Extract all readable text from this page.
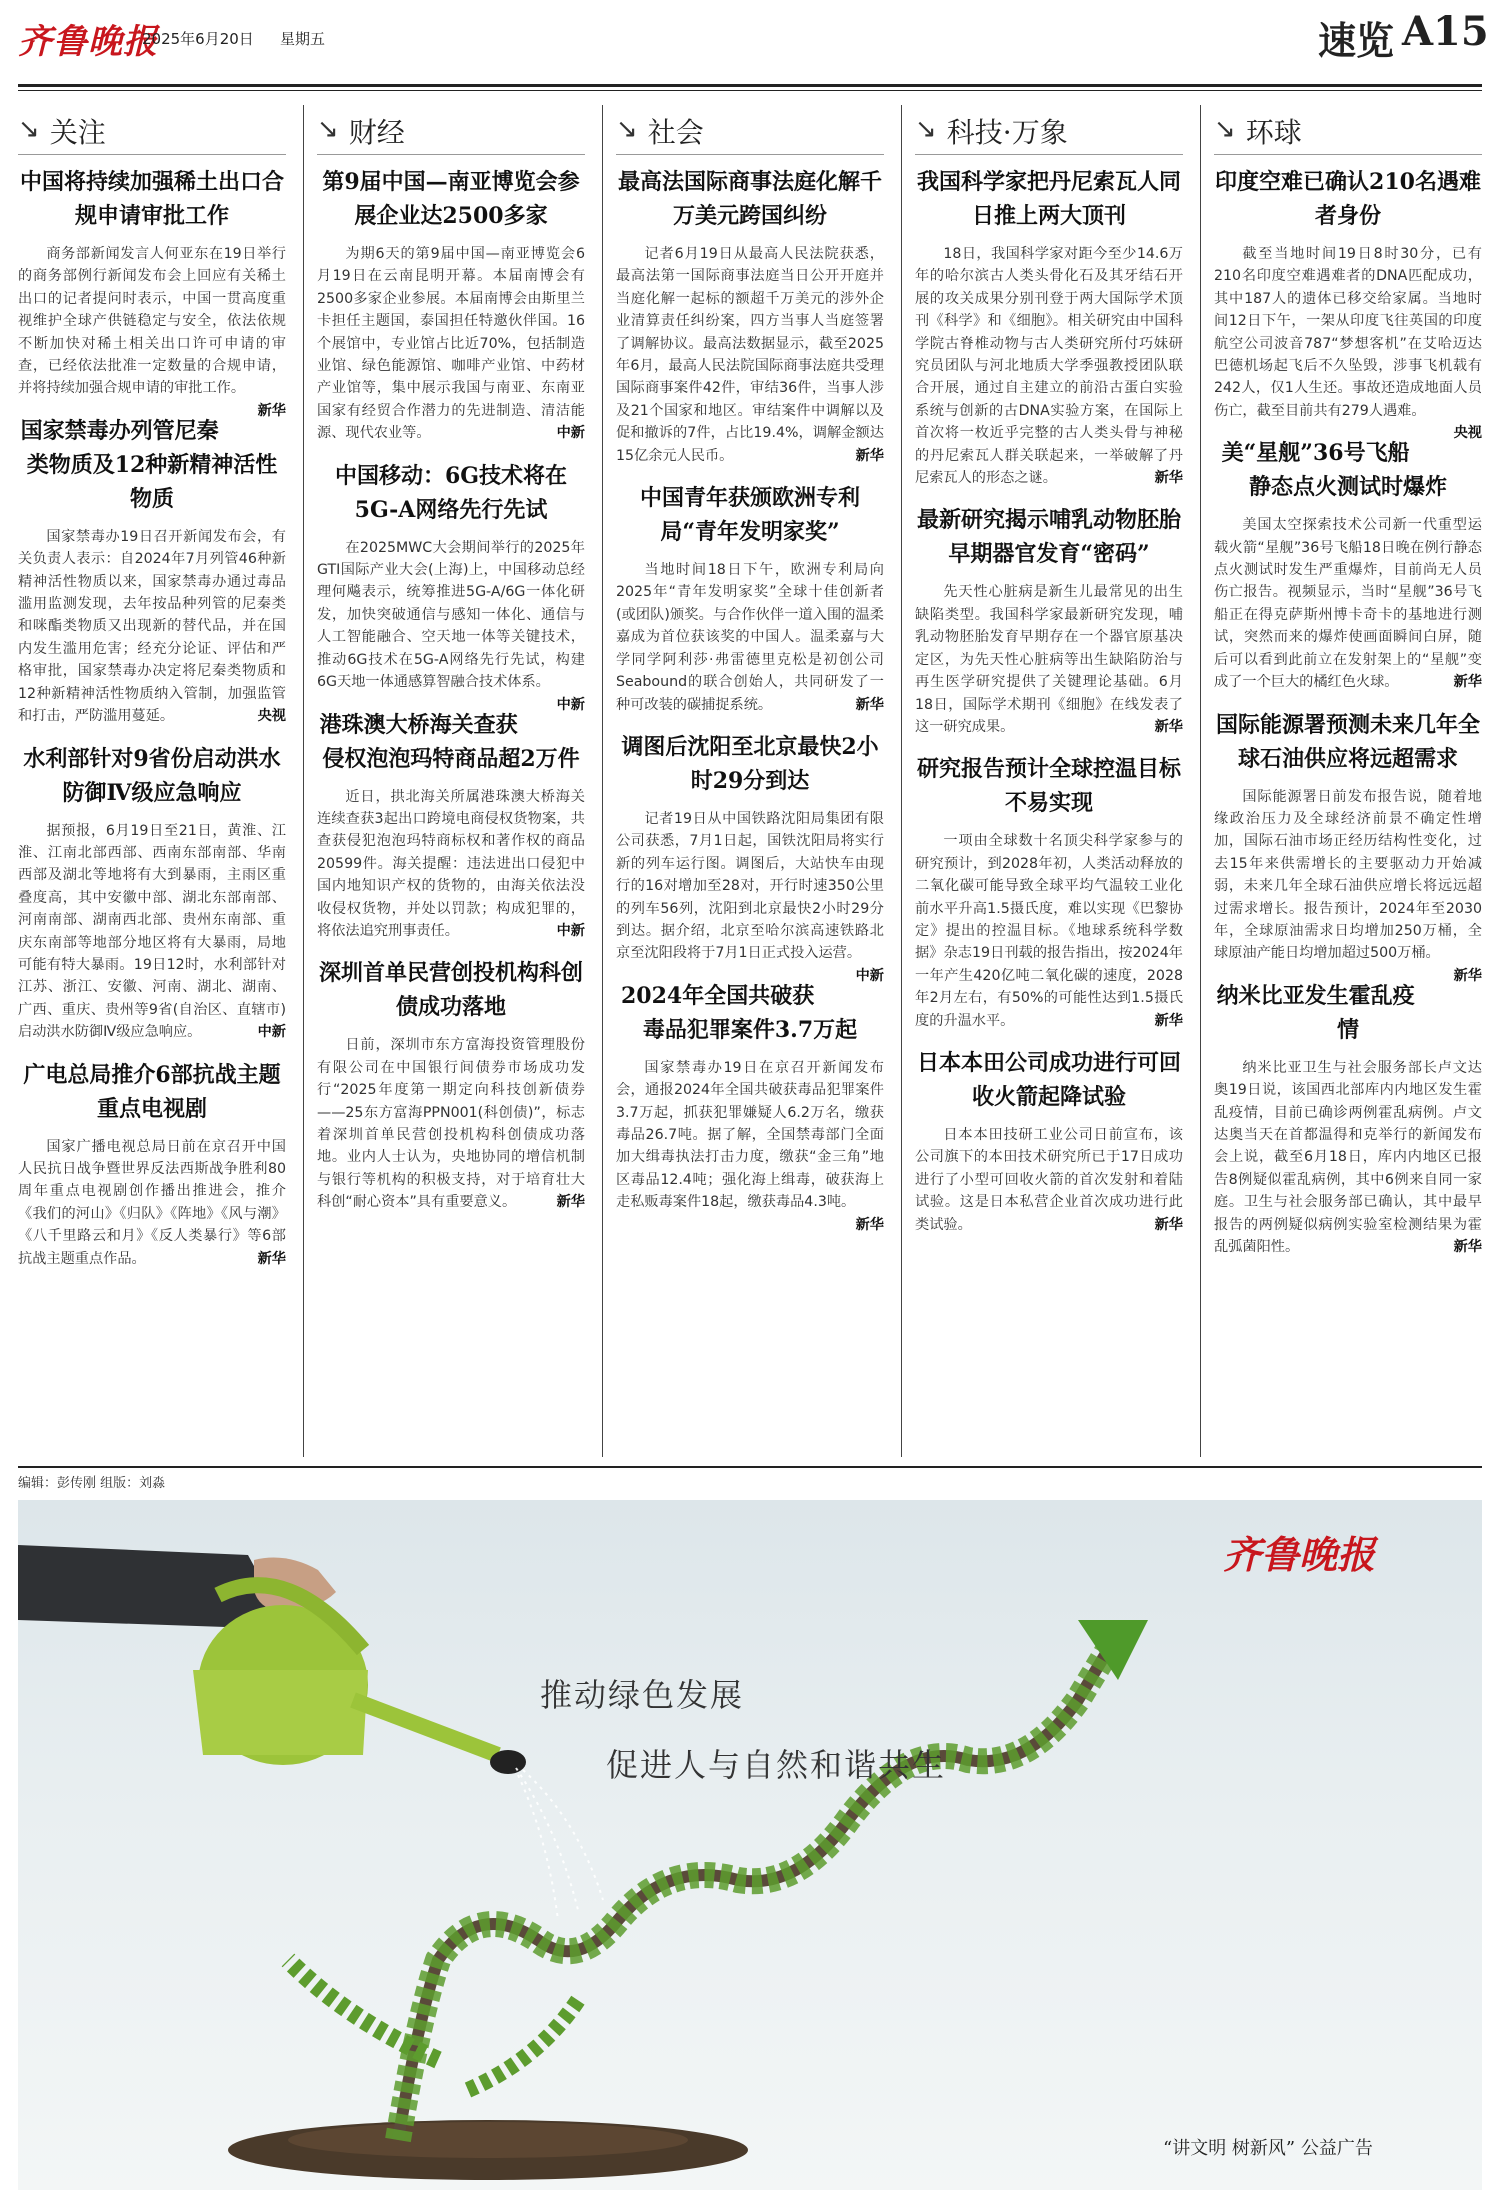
齐鲁晚报
2025年6月20日 星期五	速览 A15
↘ 关注
中国将持续加强稀土出口合规申请审批工作

商务部新闻发言人何亚东在19日举行的商务部例行新闻发布会上回应有关稀土出口的记者提问时表示，中国一贯高度重视维护全球产供链稳定与安全，依法依规不断加快对稀土相关出口许可申请的审查，已经依法批准一定数量的合规申请，并将持续加强合规申请的审批工作。
新华

国家禁毒办列管尼秦类物质及12种新精神活性物质

国家禁毒办19日召开新闻发布会，有关负责人表示：自2024年7月列管46种新精神活性物质以来，国家禁毒办通过毒品滥用监测发现，去年按品种列管的尼秦类和咪酯类物质又出现新的替代品，并在国内发生滥用危害；经充分论证、评估和严格审批，国家禁毒办决定将尼秦类物质和12种新精神活性物质纳入管制，加强监管和打击，严防滥用蔓延。	央视

水利部针对9省份启动洪水防御Ⅳ级应急响应

据预报，6月19日至21日，黄淮、江淮、江南北部西部、西南东部南部、华南西部及湖北等地将有大到暴雨，主雨区重叠度高，其中安徽中部、湖北东部南部、河南南部、湖南西北部、贵州东南部、重庆东南部等地部分地区将有大暴雨，局地可能有特大暴雨。19日12时，水利部针对江苏、浙江、安徽、河南、湖北、湖南、广西、重庆、贵州等9省(自治区、直辖市)启动洪水防御Ⅳ级应急响应。	中新

广电总局推介6部抗战主题重点电视剧

国家广播电视总局日前在京召开中国人民抗日战争暨世界反法西斯战争胜利80周年重点电视剧创作播出推进会，推介《我们的河山》《归队》《阵地》《风与潮》《八千里路云和月》《反人类暴行》等6部抗战主题重点作品。	新华

↘ 财经
第9届中国—南亚博览会参展企业达2500多家

为期6天的第9届中国—南亚博览会6月19日在云南昆明开幕。本届南博会有2500多家企业参展。本届南博会由斯里兰卡担任主题国，泰国担任特邀伙伴国。16个展馆中，专业馆占比近70%，包括制造业馆、绿色能源馆、咖啡产业馆、中药材产业馆等，集中展示我国与南亚、东南亚国家有经贸合作潜力的先进制造、清洁能源、现代农业等。	中新

中国移动：6G技术将在5G-A网络先行先试

在2025MWC大会期间举行的2025年GTI国际产业大会(上海)上，中国移动总经理何飚表示，统筹推进5G-A/6G一体化研发，加快突破通信与感知一体化、通信与人工智能融合、空天地一体等关键技术，推动6G技术在5G-A网络先行先试，构建6G天地一体通感算智融合技术体系。
中新

港珠澳大桥海关查获侵权泡泡玛特商品超2万件

近日，拱北海关所属港珠澳大桥海关连续查获3起出口跨境电商侵权货物案，共查获侵犯泡泡玛特商标权和著作权的商品20599件。海关提醒：违法进出口侵犯中国内地知识产权的货物的，由海关依法没收侵权货物，并处以罚款；构成犯罪的，将依法追究刑事责任。	中新

深圳首单民营创投机构科创债成功落地

日前，深圳市东方富海投资管理股份有限公司在中国银行间债券市场成功发行“2025年度第一期定向科技创新债券——25东方富海PPN001(科创债)”，标志着深圳首单民营创投机构科创债成功落地。业内人士认为，央地协同的增信机制与银行等机构的积极支持，对于培育壮大科创“耐心资本”具有重要意义。	新华

↘ 社会
最高法国际商事法庭化解千万美元跨国纠纷

记者6月19日从最高人民法院获悉，最高法第一国际商事法庭当日公开开庭并当庭化解一起标的额超千万美元的涉外企业清算责任纠纷案，四方当事人当庭签署了调解协议。最高法数据显示，截至2025年6月，最高人民法院国际商事法庭共受理国际商事案件42件，审结36件，当事人涉及21个国家和地区。审结案件中调解以及促和撤诉的7件，占比19.4%，调解金额达15亿余元人民币。	新华

中国青年获颁欧洲专利局“青年发明家奖”

当地时间18日下午，欧洲专利局向2025年“青年发明家奖”全球十佳创新者(或团队)颁奖。与合作伙伴一道入围的温柔嘉成为首位获该奖的中国人。温柔嘉与大学同学阿利莎·弗雷德里克松是初创公司Seabound的联合创始人，共同研发了一种可改装的碳捕捉系统。	新华

调图后沈阳至北京最快2小时29分到达

记者19日从中国铁路沈阳局集团有限公司获悉，7月1日起，国铁沈阳局将实行新的列车运行图。调图后，大站快车由现行的16对增加至28对，开行时速350公里的列车56列，沈阳到北京最快2小时29分到达。据介绍，北京至哈尔滨高速铁路北京至沈阳段将于7月1日正式投入运营。
中新

2024年全国共破获毒品犯罪案件3.7万起

国家禁毒办19日在京召开新闻发布会，通报2024年全国共破获毒品犯罪案件3.7万起，抓获犯罪嫌疑人6.2万名，缴获毒品26.7吨。据了解，全国禁毒部门全面加大缉毒执法打击力度，缴获“金三角”地区毒品12.4吨；强化海上缉毒，破获海上走私贩毒案件18起，缴获毒品4.3吨。
新华

↘ 科技·万象
我国科学家把丹尼索瓦人同日推上两大顶刊

18日，我国科学家对距今至少14.6万年的哈尔滨古人类头骨化石及其牙结石开展的攻关成果分别刊登于两大国际学术顶刊《科学》和《细胞》。相关研究由中国科学院古脊椎动物与古人类研究所付巧妹研究员团队与河北地质大学季强教授团队联合开展，通过自主建立的前沿古蛋白实验系统与创新的古DNA实验方案，在国际上首次将一枚近乎完整的古人类头骨与神秘的丹尼索瓦人群关联起来，一举破解了丹尼索瓦人的形态之谜。	新华

最新研究揭示哺乳动物胚胎早期器官发育“密码”

先天性心脏病是新生儿最常见的出生缺陷类型。我国科学家最新研究发现，哺乳动物胚胎发育早期存在一个器官原基决定区，为先天性心脏病等出生缺陷防治与再生医学研究提供了关键理论基础。6月18日，国际学术期刊《细胞》在线发表了这一研究成果。	新华

研究报告预计全球控温目标不易实现

一项由全球数十名顶尖科学家参与的研究预计，到2028年初，人类活动释放的二氧化碳可能导致全球平均气温较工业化前水平升高1.5摄氏度，难以实现《巴黎协定》提出的控温目标。《地球系统科学数据》杂志19日刊载的报告指出，按2024年一年产生420亿吨二氧化碳的速度，2028年2月左右，有50%的可能性达到1.5摄氏度的升温水平。	新华

日本本田公司成功进行可回收火箭起降试验

日本本田技研工业公司日前宣布，该公司旗下的本田技术研究所已于17日成功进行了小型可回收火箭的首次发射和着陆试验。这是日本私营企业首次成功进行此类试验。	新华

↘ 环球
印度空难已确认210名遇难者身份

截至当地时间19日8时30分，已有210名印度空难遇难者的DNA匹配成功，其中187人的遗体已移交给家属。当地时间12日下午，一架从印度飞往英国的印度航空公司波音787“梦想客机”在艾哈迈达巴德机场起飞后不久坠毁，涉事飞机载有242人，仅1人生还。事故还造成地面人员伤亡，截至目前共有279人遇难。
央视

美“星舰”36号飞船静态点火测试时爆炸

美国太空探索技术公司新一代重型运载火箭“星舰”36号飞船18日晚在例行静态点火测试时发生严重爆炸，目前尚无人员伤亡报告。视频显示，当时“星舰”36号飞船正在得克萨斯州博卡奇卡的基地进行测试，突然而来的爆炸使画面瞬间白屏，随后可以看到此前立在发射架上的“星舰”变成了一个巨大的橘红色火球。	新华

国际能源署预测未来几年全球石油供应将远超需求

国际能源署日前发布报告说，随着地缘政治压力及全球经济前景不确定性增加，国际石油市场正经历结构性变化，过去15年来供需增长的主要驱动力开始减弱，未来几年全球石油供应增长将远远超过需求增长。报告预计，2024年至2030年，全球原油需求日均增加250万桶，全球原油产能日均增加超过500万桶。
新华

纳米比亚发生霍乱疫情

纳米比亚卫生与社会服务部长卢文达奥19日说，该国西北部库内内地区发生霍乱疫情，目前已确诊两例霍乱病例。卢文达奥当天在首都温得和克举行的新闻发布会上说，截至6月18日，库内内地区已报告8例疑似霍乱病例，其中6例来自同一家庭。卫生与社会服务部已确认，其中最早报告的两例疑似病例实验室检测结果为霍乱弧菌阳性。	新华

编辑：彭传刚 组版：刘淼
齐鲁晚报
推动绿色发展
促进人与自然和谐共生
“讲文明 树新风” 公益广告
